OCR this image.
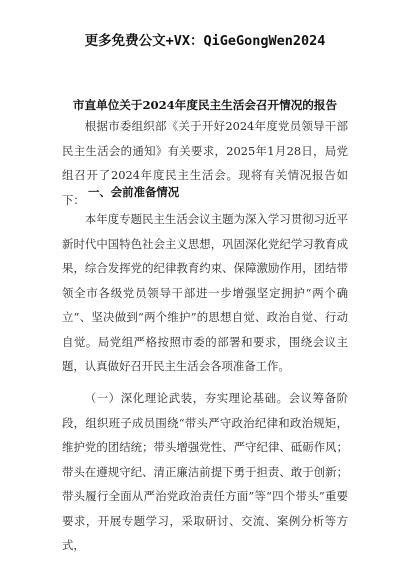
更多免费公文+VX：QiGeGongWen2024
市直单位关于2024年度民主生活会召开情况的报告

根据市委组织部《关于开好2024年度党员领导干部民主生活会的通知》有关要求，2025年1月28日，局党组召开了2024年度民主生活会。现将有关情况报告如下：

一、会前准备情况

本年度专题民主生活会议主题为深入学习贯彻习近平新时代中国特色社会主义思想，巩固深化党纪学习教育成果，综合发挥党的纪律教育约束、保障激励作用，团结带领全市各级党员领导干部进一步增强坚定拥护“两个确立”、坚决做到“两个维护”的思想自觉、政治自觉、行动自觉。局党组严格按照市委的部署和要求，围绕会议主题，认真做好召开民主生活会各项准备工作。

（一）深化理论武装，夯实理论基础。会议筹备阶段，组织班子成员围绕“带头严守政治纪律和政治规矩，维护党的团结统；带头增强党性、严守纪律、砥砺作风；带头在遵规守纪、清正廉洁前提下勇于担责、敢于创新；带头履行全面从严治党政治责任方面”等“四个带头”重要要求，开展专题学习，采取研讨、交流、案例分析等方式，
